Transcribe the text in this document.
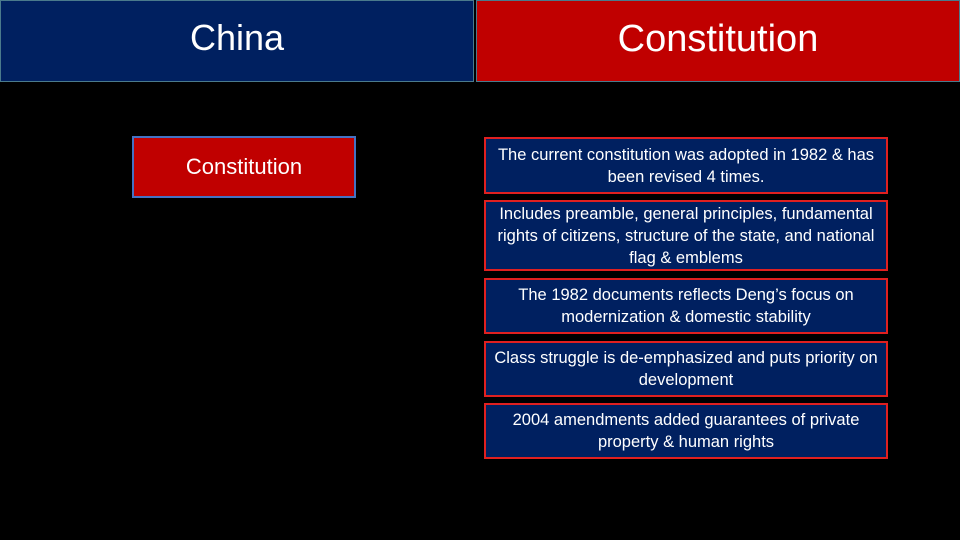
China	Constitution
Constitution	The current constitution was adopted in 1982 & has been revised 4 times.
Includes preamble, general principles, fundamental rights of citizens, structure of the state, and national flag & emblems
The 1982 documents reflects Deng’s focus on modernization & domestic stability
Class struggle is de-emphasized and puts priority on development
2004 amendments added guarantees of private property & human rights
